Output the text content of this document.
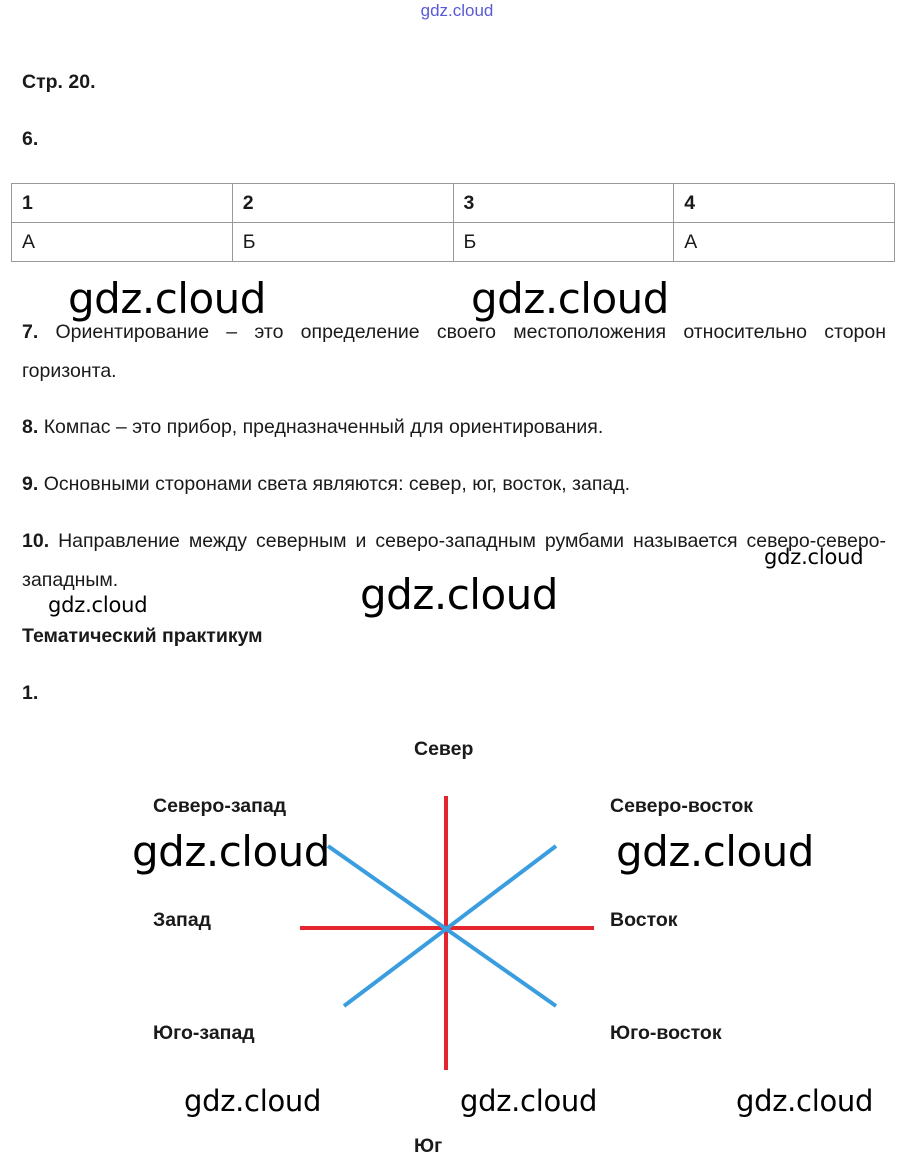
gdz.cloud
Стр. 20.
6.
1	2	3	4
А	Б	Б	А
gdz.cloud	gdz.cloud
7. Ориентирование – это определение своего местоположения относительно сторон горизонта.
8. Компас – это прибор, предназначенный для ориентирования.
9. Основными сторонами света являются: север, юг, восток, запад.
10. Направление между северным и северо-западным румбами называется северо-северо-западным.
gdz.cloud
gdz.cloud
gdz.cloud
Тематический практикум
1.
Север
Северо-запад	Северо-восток
Запад	Восток
Юго-запад	Юго-восток
Юг
gdz.cloud	gdz.cloud
gdz.cloud	gdz.cloud	gdz.cloud
